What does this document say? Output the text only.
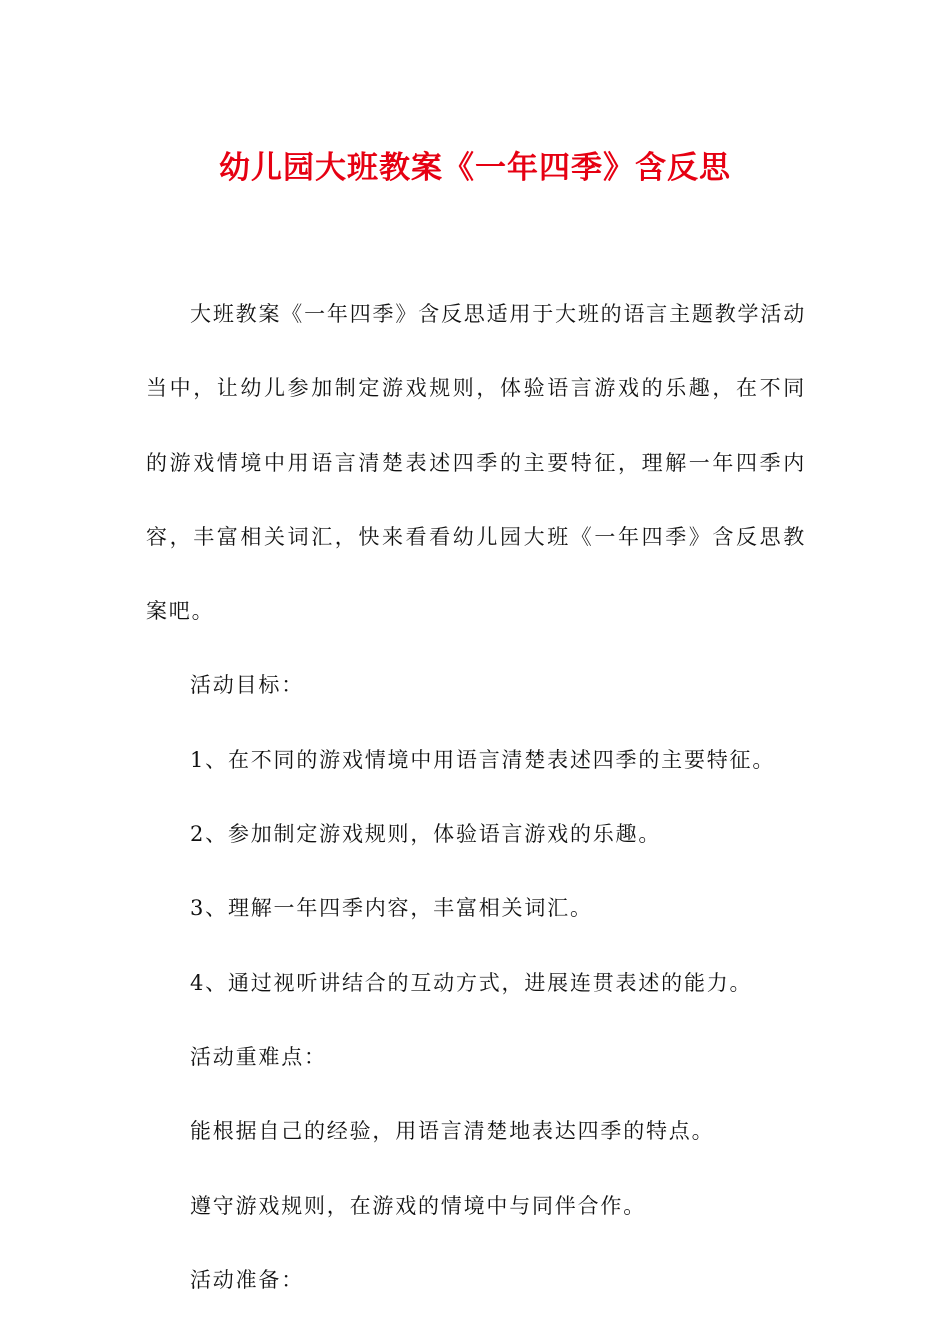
幼儿园大班教案《一年四季》含反思

大班教案《一年四季》含反思适用于大班的语言主题教学活动当中，让幼儿参加制定游戏规则，体验语言游戏的乐趣，在不同的游戏情境中用语言清楚表述四季的主要特征，理解一年四季内容，丰富相关词汇，快来看看幼儿园大班《一年四季》含反思教案吧。

活动目标：

1、在不同的游戏情境中用语言清楚表述四季的主要特征。

2、参加制定游戏规则，体验语言游戏的乐趣。

3、理解一年四季内容，丰富相关词汇。

4、通过视听讲结合的互动方式，进展连贯表述的能力。

活动重难点：

能根据自己的经验，用语言清楚地表达四季的特点。

遵守游戏规则，在游戏的情境中与同伴合作。

活动准备：
